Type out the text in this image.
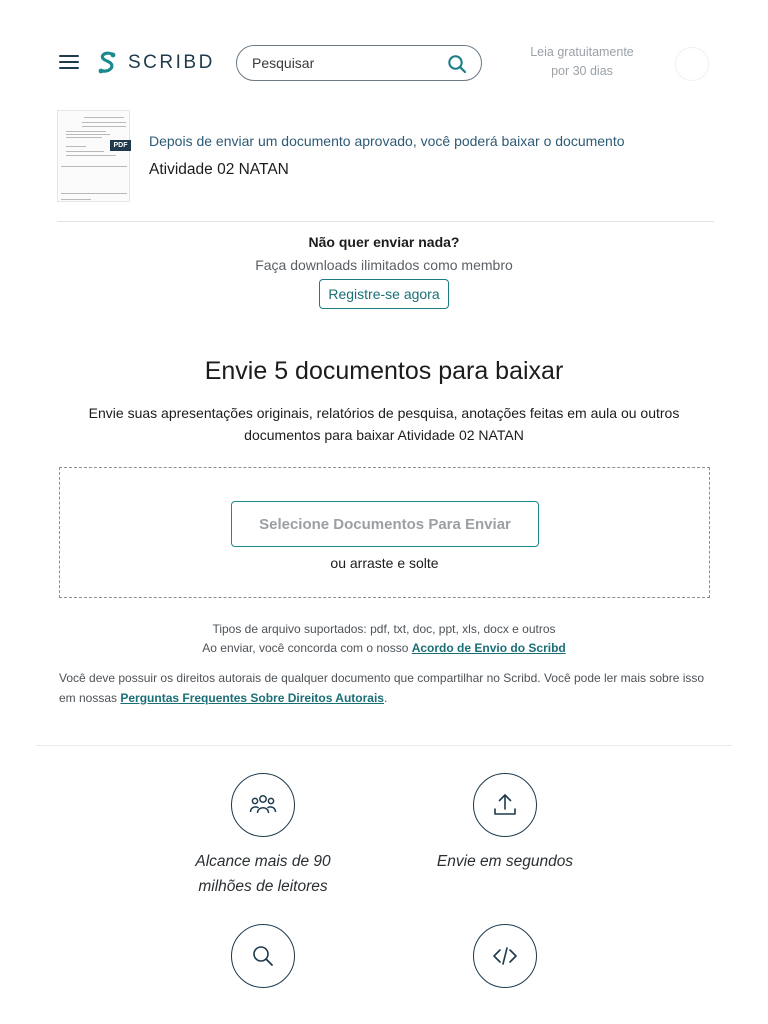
SCRIBD
Pesquisar	Leia gratuitamente
por 30 dias
PDF Depois de enviar um documento aprovado, você poderá baixar o documento
Atividade 02 NATAN
Não quer enviar nada?
Faça downloads ilimitados como membro
Registre-se agora
Envie 5 documentos para baixar
Envie suas apresentações originais, relatórios de pesquisa, anotações feitas em aula ou outros documentos para baixar Atividade 02 NATAN
Selecione Documentos Para Enviar
ou arraste e solte
Tipos de arquivo suportados: pdf, txt, doc, ppt, xls, docx e outros
Ao enviar, você concorda com o nosso Acordo de Envio do Scribd
Você deve possuir os direitos autorais de qualquer documento que compartilhar no Scribd. Você pode ler mais sobre isso em nossas Perguntas Frequentes Sobre Direitos Autorais.
Alcance mais de 90 milhões de leitores
Envie em segundos
